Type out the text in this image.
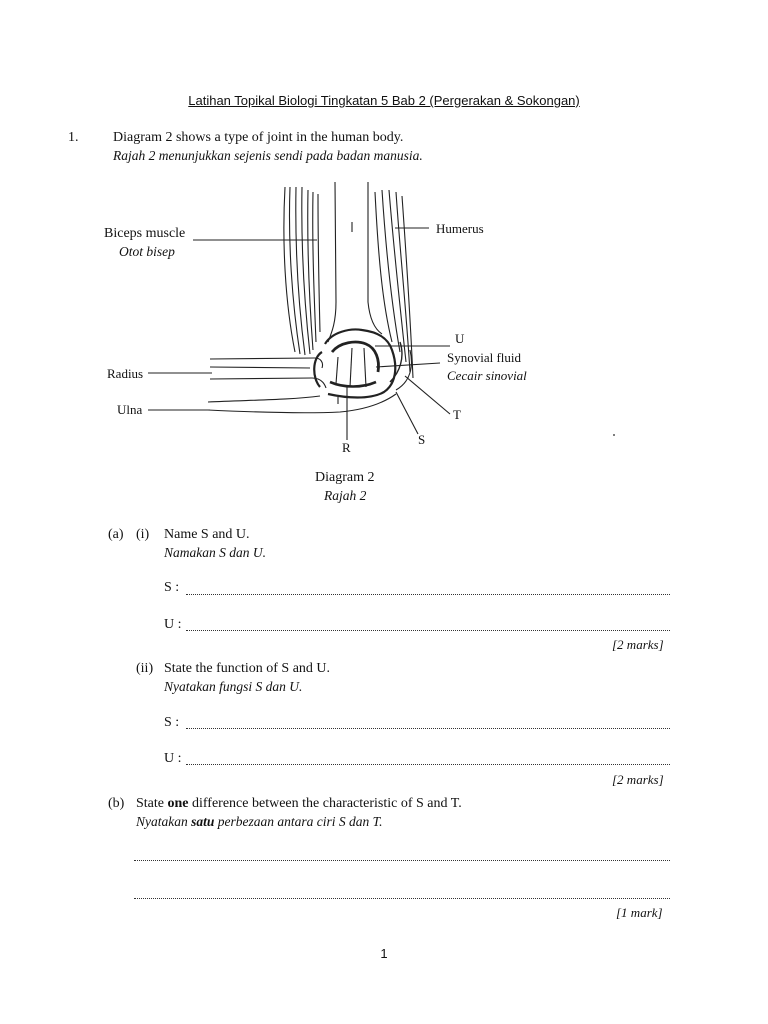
Latihan Topikal Biologi Tingkatan 5 Bab 2 (Pergerakan & Sokongan)
1. Diagram 2 shows a type of joint in the human body.
Rajah 2 menunjukkan sejenis sendi pada badan manusia.
Biceps muscle
Otot bisep
Humerus
Radius
Ulna
U
Synovial fluid
Cecair sinovial
T
S
R
Diagram 2
Rajah 2
(a) (i) Name S and U.
Namakan S dan U.
S :
U :
[2 marks]
(ii) State the function of S and U.
Nyatakan fungsi S dan U.
S :
U :
[2 marks]
(b) State one difference between the characteristic of S and T.
Nyatakan satu perbezaan antara ciri S dan T.
[1 mark]
1
